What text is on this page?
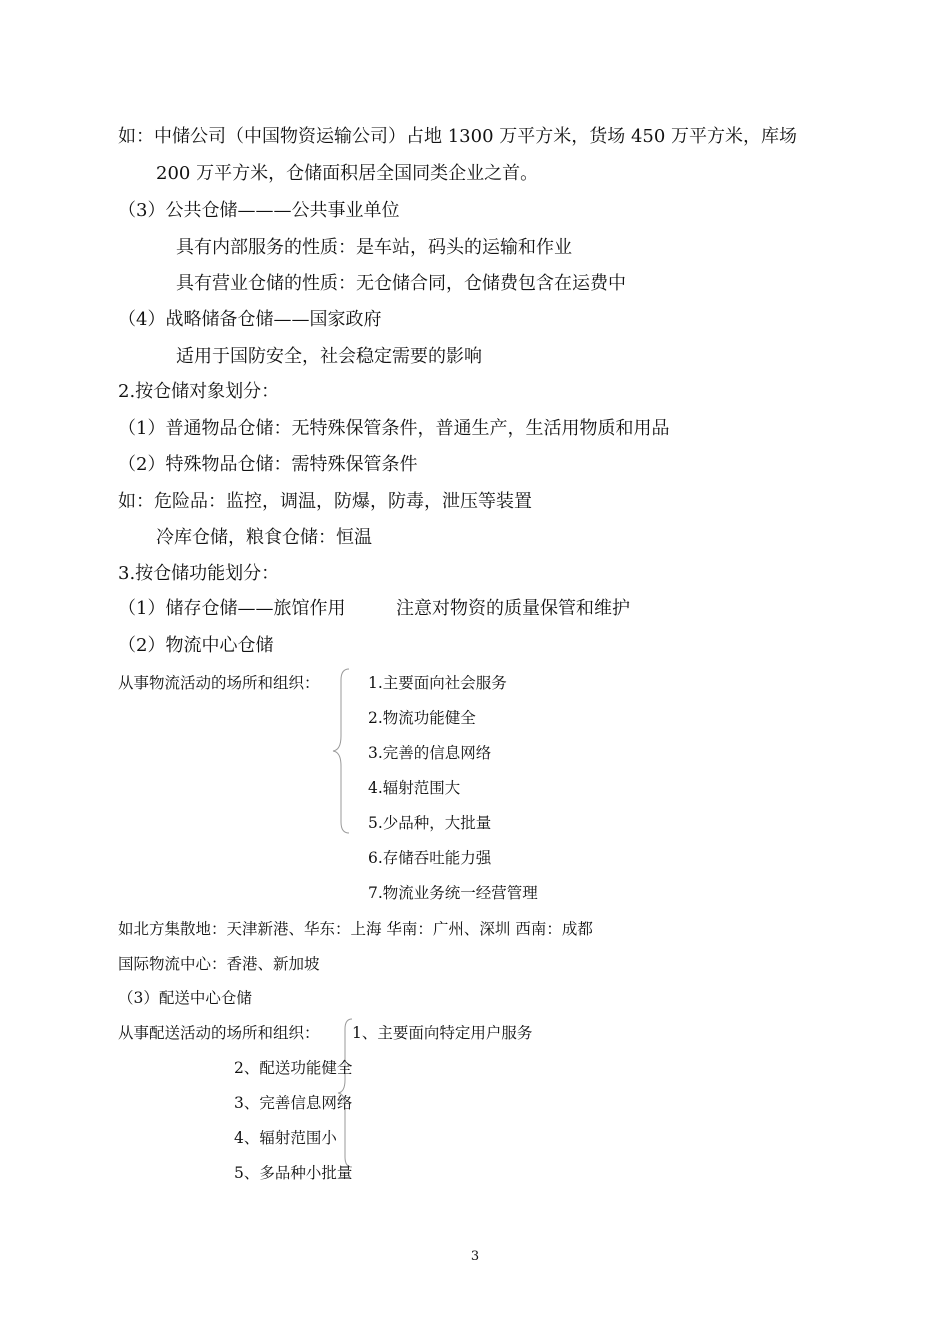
如：中储公司（中国物资运输公司）占地 1300 万平方米，货场 450 万平方米，库场
200 万平方米，仓储面积居全国同类企业之首。
（3）公共仓储———公共事业单位
具有内部服务的性质：是车站，码头的运输和作业
具有营业仓储的性质：无仓储合同，仓储费包含在运费中
（4）战略储备仓储——国家政府
适用于国防安全，社会稳定需要的影响
2.按仓储对象划分：
（1）普通物品仓储：无特殊保管条件，普通生产，生活用物质和用品
（2）特殊物品仓储：需特殊保管条件
如：危险品：监控，调温，防爆，防毒，泄压等装置
冷库仓储，粮食仓储：恒温
3.按仓储功能划分：
（1）储存仓储——旅馆作用	注意对物资的质量保管和维护
（2）物流中心仓储
从事物流活动的场所和组织：	1.主要面向社会服务
2.物流功能健全
3.完善的信息网络
4.辐射范围大
5.少品种，大批量
6.存储吞吐能力强
7.物流业务统一经营管理
如北方集散地：天津新港、华东：上海 华南：广州、深圳 西南：成都
国际物流中心：香港、新加坡
（3）配送中心仓储
从事配送活动的场所和组织： 1、主要面向特定用户服务
2、配送功能健全
3、完善信息网络
4、辐射范围小
5、多品种小批量
3
